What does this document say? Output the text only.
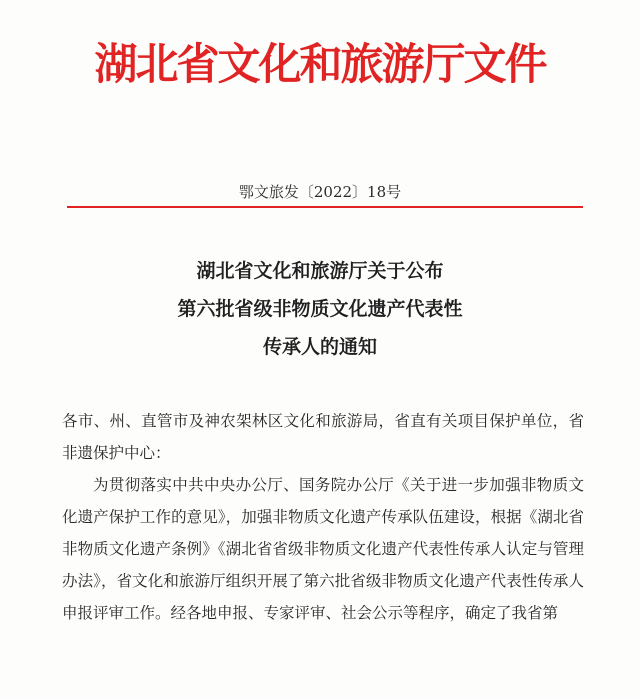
湖北省文化和旅游厅文件
鄂文旅发〔2022〕18号
湖北省文化和旅游厅关于公布
第六批省级非物质文化遗产代表性
传承人的通知

各市、州、直管市及神农架林区文化和旅游局，省直有关项目保护单位，省非遗保护中心：

为贯彻落实中共中央办公厅、国务院办公厅《关于进一步加强非物质文化遗产保护工作的意见》，加强非物质文化遗产传承队伍建设，根据《湖北省非物质文化遗产条例》《湖北省省级非物质文化遗产代表性传承人认定与管理办法》，省文化和旅游厅组织开展了第六批省级非物质文化遗产代表性传承人申报评审工作。经各地申报、专家评审、社会公示等程序，确定了我省第
